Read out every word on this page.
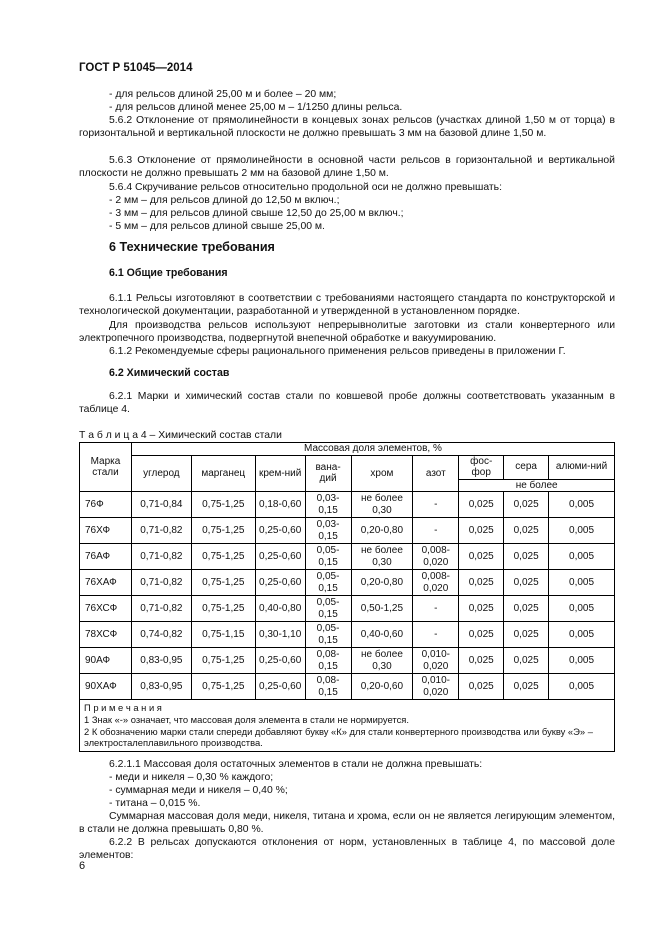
ГОСТ Р 51045—2014
- для рельсов длиной 25,00 м и более – 20 мм;
- для рельсов длиной менее 25,00 м – 1/1250 длины рельса.
5.6.2 Отклонение от прямолинейности в концевых зонах рельсов (участках длиной 1,50 м от торца) в горизонтальной и вертикальной плоскости не должно превышать 3 мм на базовой длине 1,50 м.
5.6.3 Отклонение от прямолинейности в основной части рельсов в горизонтальной и вертикальной плоскости не должно превышать 2 мм на базовой длине 1,50 м.
5.6.4 Скручивание рельсов относительно продольной оси не должно превышать:
- 2 мм – для рельсов длиной до 12,50 м включ.;
- 3 мм – для рельсов длиной свыше 12,50 до 25,00 м включ.;
- 5 мм – для рельсов длиной свыше 25,00 м.
6 Технические требования
6.1 Общие требования
6.1.1 Рельсы изготовляют в соответствии с требованиями настоящего стандарта по конструкторской и технологической документации, разработанной и утвержденной в установленном порядке.
Для производства рельсов используют непрерывнолитые заготовки из стали конвертерного или электропечного производства, подвергнутой внепечной обработке и вакуумированию.
6.1.2 Рекомендуемые сферы рационального применения рельсов приведены в приложении Г.
6.2 Химический состав
6.2.1 Марки и химический состав стали по ковшевой пробе должны соответствовать указанным в таблице 4.
Т а б л и ц а 4 – Химический состав стали
Марка стали	Массовая доля элементов, %								
	углерод	марганец	крем-ний	вана-дий	хром	азот	фос-фор	сера	алюми-ний
							не более		
76Ф	0,71-0,84	0,75-1,25	0,18-0,60	0,03-0,15	не более 0,30	-	0,025	0,025	0,005
76ХФ	0,71-0,82	0,75-1,25	0,25-0,60	0,03-0,15	0,20-0,80	-	0,025	0,025	0,005
76АФ	0,71-0,82	0,75-1,25	0,25-0,60	0,05-0,15	не более 0,30	0,008-0,020	0,025	0,025	0,005
76ХАФ	0,71-0,82	0,75-1,25	0,25-0,60	0,05-0,15	0,20-0,80	0,008-0,020	0,025	0,025	0,005
76ХСФ	0,71-0,82	0,75-1,25	0,40-0,80	0,05-0,15	0,50-1,25	-	0,025	0,025	0,005
78ХСФ	0,74-0,82	0,75-1,15	0,30-1,10	0,05-0,15	0,40-0,60	-	0,025	0,025	0,005
90АФ	0,83-0,95	0,75-1,25	0,25-0,60	0,08-0,15	не более 0,30	0,010-0,020	0,025	0,025	0,005
90ХАФ	0,83-0,95	0,75-1,25	0,25-0,60	0,08-0,15	0,20-0,60	0,010-0,020	0,025	0,025	0,005

П р и м е ч а н и я
1 Знак «-» означает, что массовая доля элемента в стали не нормируется.
2 К обозначению марки стали спереди добавляют букву «К» для стали конвертерного производства или букву «Э» – электросталеплавильного производства.									
6.2.1.1 Массовая доля остаточных элементов в стали не должна превышать:
- меди и никеля – 0,30 % каждого;
- суммарная меди и никеля – 0,40 %;
- титана – 0,015 %.
Суммарная массовая доля меди, никеля, титана и хрома, если он не является легирующим элементом, в стали не должна превышать 0,80 %.
6.2.2 В рельсах допускаются отклонения от норм, установленных в таблице 4, по массовой доле элементов:
6
